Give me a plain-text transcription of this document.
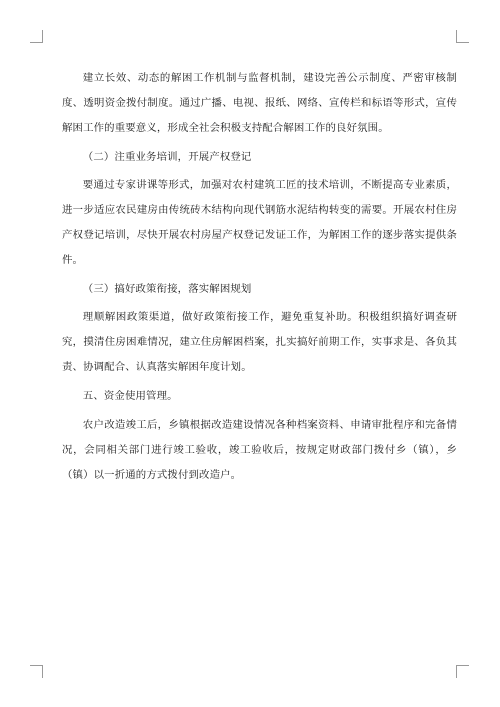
建立长效、动态的解困工作机制与监督机制，建设完善公示制度、严密审核制度、透明资金拨付制度。通过广播、电视、报纸、网络、宣传栏和标语等形式，宣传解困工作的重要意义，形成全社会积极支持配合解困工作的良好氛围。

（二）注重业务培训，开展产权登记

要通过专家讲课等形式，加强对农村建筑工匠的技术培训，不断提高专业素质，进一步适应农民建房由传统砖木结构向现代钢筋水泥结构转变的需要。开展农村住房产权登记培训，尽快开展农村房屋产权登记发证工作，为解困工作的逐步落实提供条件。

（三）搞好政策衔接，落实解困规划

理顺解困政策渠道，做好政策衔接工作，避免重复补助。积极组织搞好调查研究，摸清住房困难情况，建立住房解困档案，扎实搞好前期工作，实事求是、各负其责、协调配合、认真落实解困年度计划。

五、资金使用管理。

农户改造竣工后，乡镇根据改造建设情况各种档案资料、申请审批程序和完备情况，会同相关部门进行竣工验收，竣工验收后，按规定财政部门拨付乡（镇），乡（镇）以一折通的方式拨付到改造户。
